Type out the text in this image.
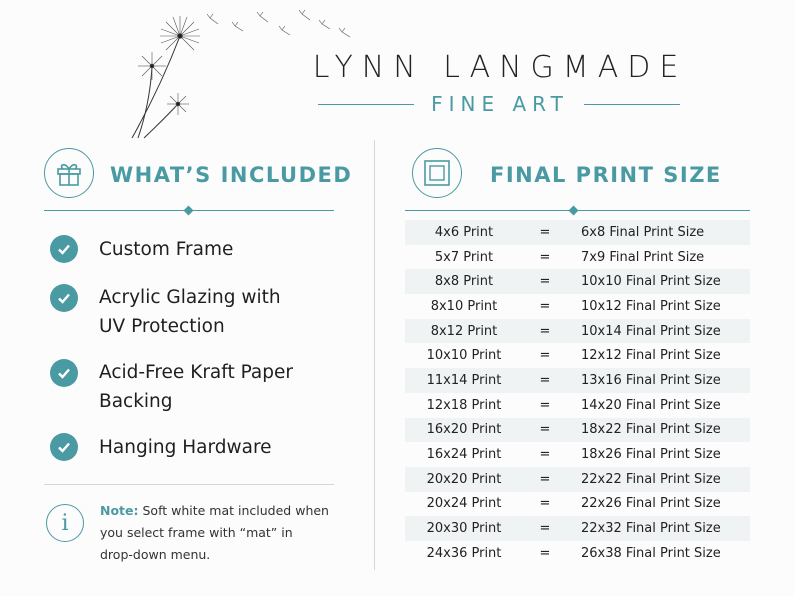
LYNN LANGMADE
FINE ART
WHAT’S INCLUDED
Custom Frame
Acrylic Glazing with
UV Protection
Acid-Free Kraft Paper
Backing
Hanging Hardware
i	Note: Soft white mat included when
you select frame with “mat” in
drop-down menu.
FINAL PRINT SIZE
4x6 Print	=	6x8 Final Print Size
5x7 Print	=	7x9 Final Print Size
8x8 Print	=	10x10 Final Print Size
8x10 Print	=	10x12 Final Print Size
8x12 Print	=	10x14 Final Print Size
10x10 Print	=	12x12 Final Print Size
11x14 Print	=	13x16 Final Print Size
12x18 Print	=	14x20 Final Print Size
16x20 Print	=	18x22 Final Print Size
16x24 Print	=	18x26 Final Print Size
20x20 Print	=	22x22 Final Print Size
20x24 Print	=	22x26 Final Print Size
20x30 Print	=	22x32 Final Print Size
24x36 Print	=	26x38 Final Print Size
